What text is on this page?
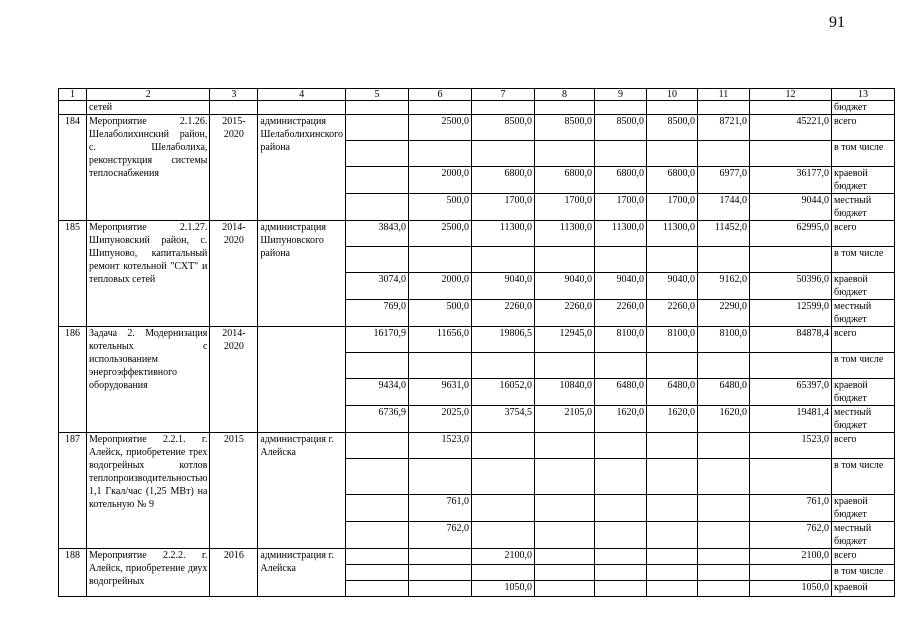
91
1	2	3	4	5	6	7	8	9	10	11	12	13
	сетей											бюджет
184	Мероприятие 2.1.26. Шелаболихинский район, с. Шелаболиха, реконструкция системы теплоснабжения	2015-2020	администрация Шелаболихинского района		2500,0	8500,0	8500,0	8500,0	8500,0	8721,0	45221,0	всего
												в том числе
					2000,0	6800,0	6800,0	6800,0	6800,0	6977,0	36177,0	краевой бюджет
					500,0	1700,0	1700,0	1700,0	1700,0	1744,0	9044,0	местный бюджет
185	Мероприятие 2.1.27. Шипуновский район, с. Шипуново, капитальный ремонт котельной "СХТ" и тепловых сетей	2014-2020	администрация Шипуновского района	3843,0	2500,0	11300,0	11300,0	11300,0	11300,0	11452,0	62995,0	всего
												в том числе
				3074,0	2000,0	9040,0	9040,0	9040,0	9040,0	9162,0	50396,0	краевой бюджет
				769,0	500,0	2260,0	2260,0	2260,0	2260,0	2290,0	12599,0	местный бюджет
186	Задача 2. Модернизация котельных с использованием энергоэффективного оборудования	2014-2020		16170,9	11656,0	19806,5	12945,0	8100,0	8100,0	8100,0	84878,4	всего
												в том числе
				9434,0	9631,0	16052,0	10840,0	6480,0	6480,0	6480,0	65397,0	краевой бюджет
				6736,9	2025,0	3754,5	2105,0	1620,0	1620,0	1620,0	19481,4	местный бюджет
187	Мероприятие 2.2.1. г. Алейск, приобретение трех водогрейных котлов теплопроизводительностью 1,1 Гкал/час (1,25 МВт) на котельную № 9	2015	администрация г. Алейска		1523,0						1523,0	всего
												в том числе
					761,0						761,0	краевой бюджет
					762,0						762,0	местный бюджет
188	Мероприятие 2.2.2. г. Алейск, приобретение двух водогрейных	2016	администрация г. Алейска			2100,0					2100,0	всего
												в том числе
						1050,0					1050,0	краевой
